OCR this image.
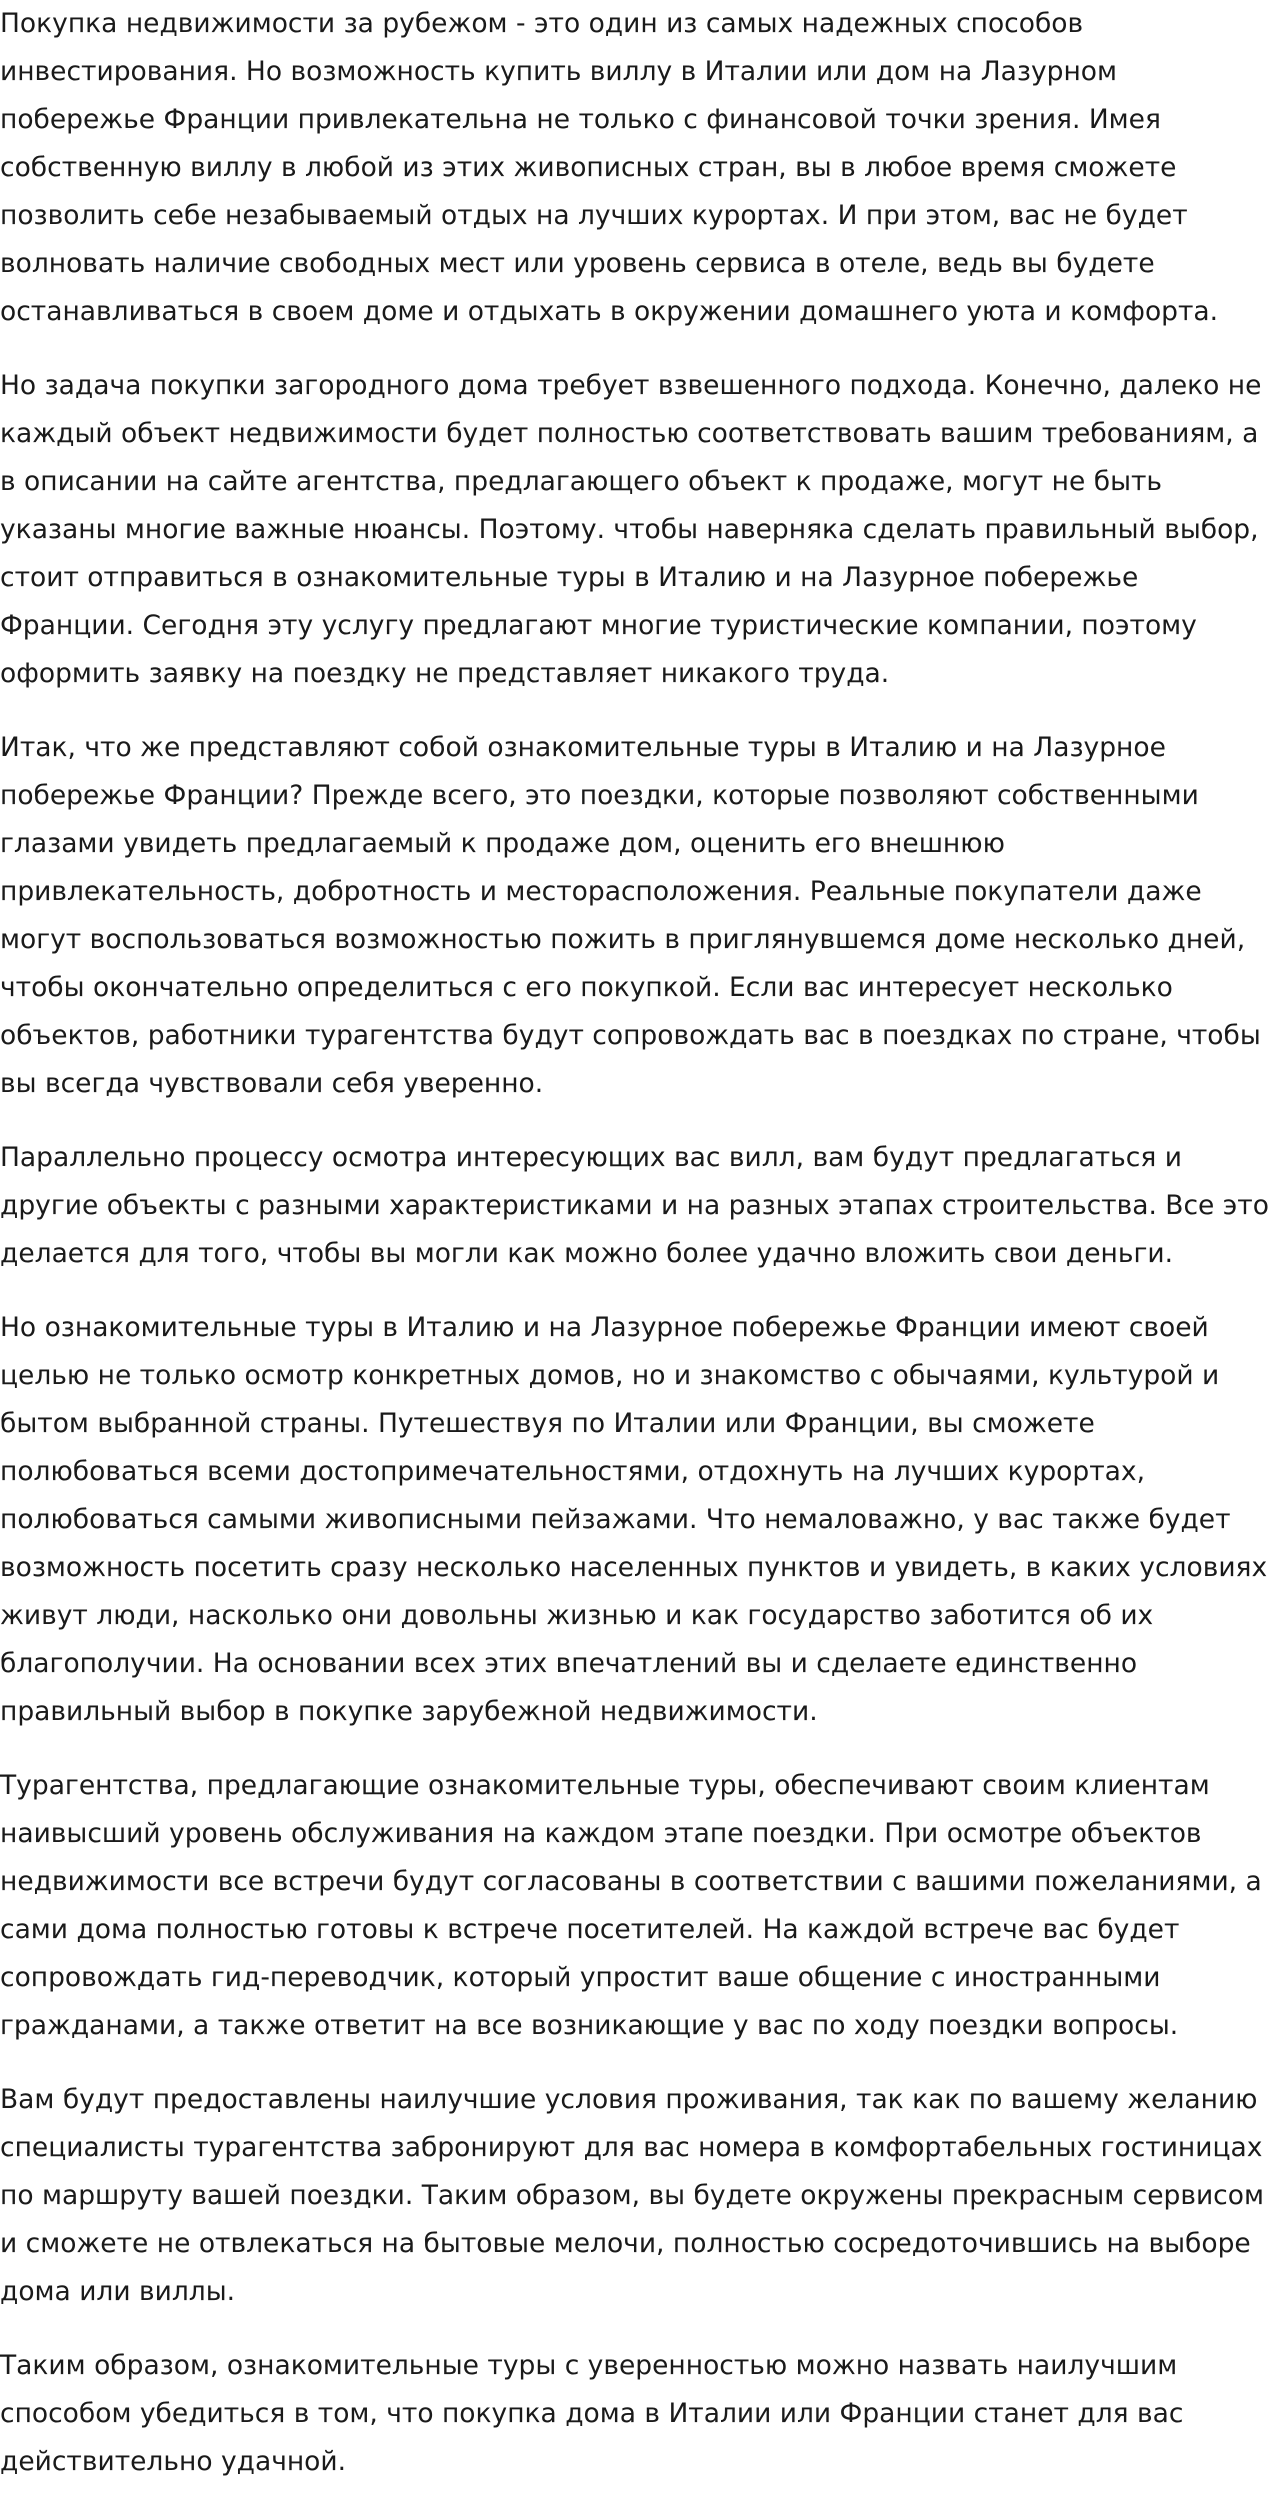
Покупка недвижимости за рубежом - это один из самых надежных способов инвестирования. Но возможность купить виллу в Италии или дом на Лазурном побережье Франции привлекательна не только с финансовой точки зрения. Имея собственную виллу в любой из этих живописных стран, вы в любое время сможете позволить себе незабываемый отдых на лучших курортах. И при этом, вас не будет волновать наличие свободных мест или уровень сервиса в отеле, ведь вы будете останавливаться в своем доме и отдыхать в окружении домашнего уюта и комфорта.

Но задача покупки загородного дома требует взвешенного подхода. Конечно, далеко не каждый объект недвижимости будет полностью соответствовать вашим требованиям, а в описании на сайте агентства, предлагающего объект к продаже, могут не быть указаны многие важные нюансы. Поэтому. чтобы наверняка сделать правильный выбор, стоит отправиться в ознакомительные туры в Италию и на Лазурное побережье Франции. Сегодня эту услугу предлагают многие туристические компании, поэтому оформить заявку на поездку не представляет никакого труда.

Итак, что же представляют собой ознакомительные туры в Италию и на Лазурное побережье Франции? Прежде всего, это поездки, которые позволяют собственными глазами увидеть предлагаемый к продаже дом, оценить его внешнюю привлекательность, добротность и месторасположения. Реальные покупатели даже могут воспользоваться возможностью пожить в приглянувшемся доме несколько дней, чтобы окончательно определиться с его покупкой. Если вас интересует несколько объектов, работники турагентства будут сопровождать вас в поездках по стране, чтобы вы всегда чувствовали себя уверенно.

Параллельно процессу осмотра интересующих вас вилл, вам будут предлагаться и другие объекты с разными характеристиками и на разных этапах строительства. Все это делается для того, чтобы вы могли как можно более удачно вложить свои деньги.

Но ознакомительные туры в Италию и на Лазурное побережье Франции имеют своей целью не только осмотр конкретных домов, но и знакомство с обычаями, культурой и бытом выбранной страны. Путешествуя по Италии или Франции, вы сможете полюбоваться всеми достопримечательностями, отдохнуть на лучших курортах, полюбоваться самыми живописными пейзажами. Что немаловажно, у вас также будет возможность посетить сразу несколько населенных пунктов и увидеть, в каких условиях живут люди, насколько они довольны жизнью и как государство заботится об их благополучии. На основании всех этих впечатлений вы и сделаете единственно правильный выбор в покупке зарубежной недвижимости.

Турагентства, предлагающие ознакомительные туры, обеспечивают своим клиентам наивысший уровень обслуживания на каждом этапе поездки. При осмотре объектов недвижимости все встречи будут согласованы в соответствии с вашими пожеланиями, а сами дома полностью готовы к встрече посетителей. На каждой встрече вас будет сопровождать гид-переводчик, который упростит ваше общение с иностранными гражданами, а также ответит на все возникающие у вас по ходу поездки вопросы.

Вам будут предоставлены наилучшие условия проживания, так как по вашему желанию специалисты турагентства забронируют для вас номера в комфортабельных гостиницах по маршруту вашей поездки. Таким образом, вы будете окружены прекрасным сервисом и сможете не отвлекаться на бытовые мелочи, полностью сосредоточившись на выборе дома или виллы.

Таким образом, ознакомительные туры с уверенностью можно назвать наилучшим способом убедиться в том, что покупка дома в Италии или Франции станет для вас действительно удачной.
